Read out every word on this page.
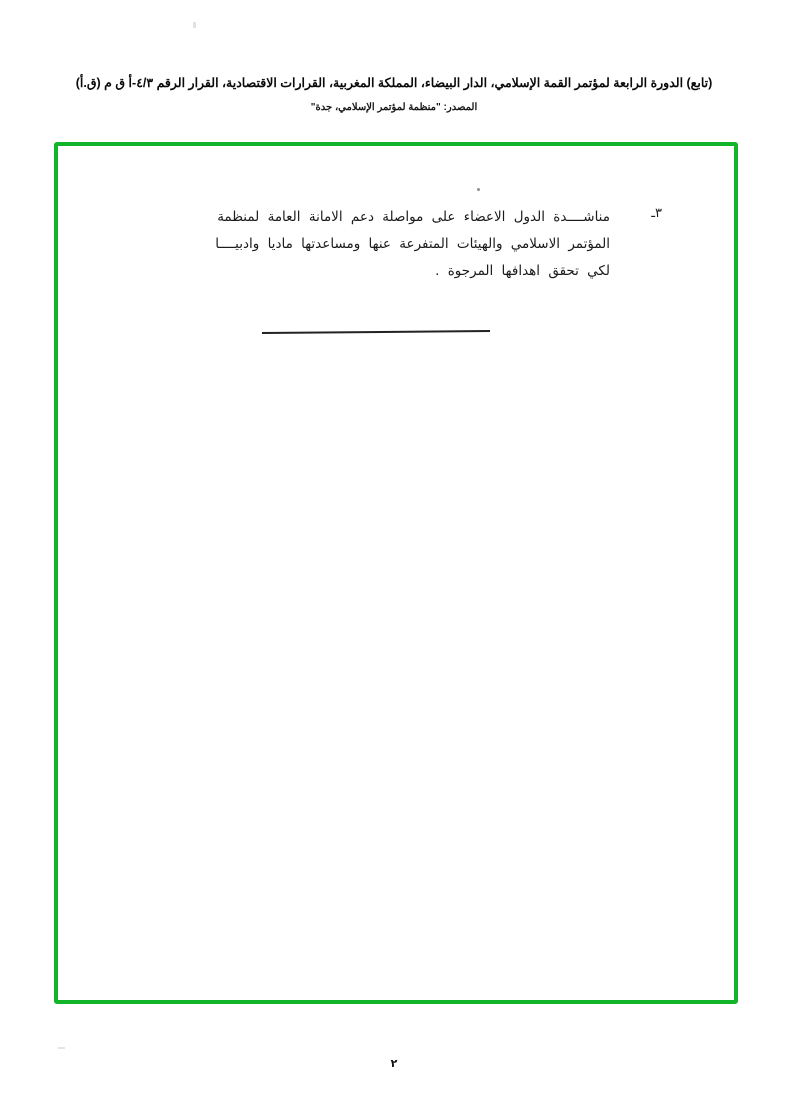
(تابع) الدورة الرابعة لمؤتمر القمة الإسلامي، الدار البيضاء، المملكة المغربية، القرارات الاقتصادية، القرار الرقم ٤/٣-أ ق م (ق.أ)
المصدر: "منظمة لمؤتمر الإسلامي، جدة"
٣ـ
مناشــــدة الدول الاعضاء على مواصلة دعم الامانة العامة لمنظمة
المؤتمر الاسلامي والهيئات المتفرعة عنها ومساعدتها ماديا وادبيــــا
لكي تحقق اهدافها المرجوة .
٢
